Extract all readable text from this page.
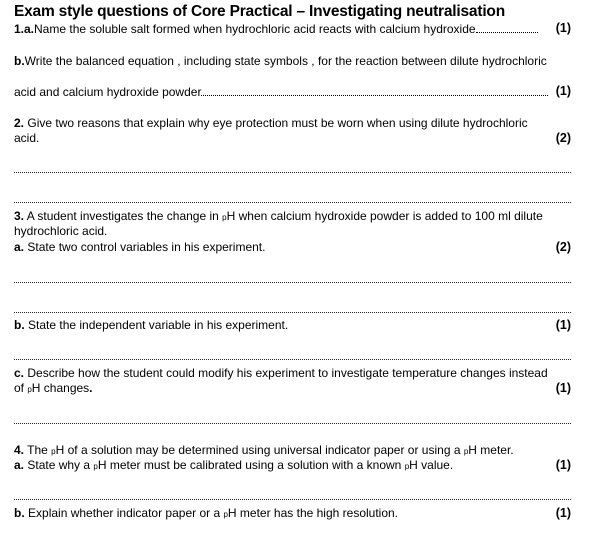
Exam style questions of Core Practical – Investigating neutralisation
1.a.Name the soluble salt formed when hydrochloric acid reacts with calcium hydroxide	(1)
b.Write the balanced equation , including state symbols , for the reaction between dilute hydrochloric
acid and calcium hydroxide powder	(1)
2. Give two reasons that explain why eye protection must be worn when using dilute hydrochloric
acid.	(2)
3. A student investigates the change in pH when calcium hydroxide powder is added to 100 ml dilute
hydrochloric acid.
a. State two control variables in his experiment.	(2)
b. State the independent variable in his experiment.	(1)
c. Describe how the student could modify his experiment to investigate temperature changes instead
of pH changes.	(1)
4. The pH of a solution may be determined using universal indicator paper or using a pH meter.
a. State why a pH meter must be calibrated using a solution with a known pH value.	(1)
b. Explain whether indicator paper or a pH meter has the high resolution.	(1)
